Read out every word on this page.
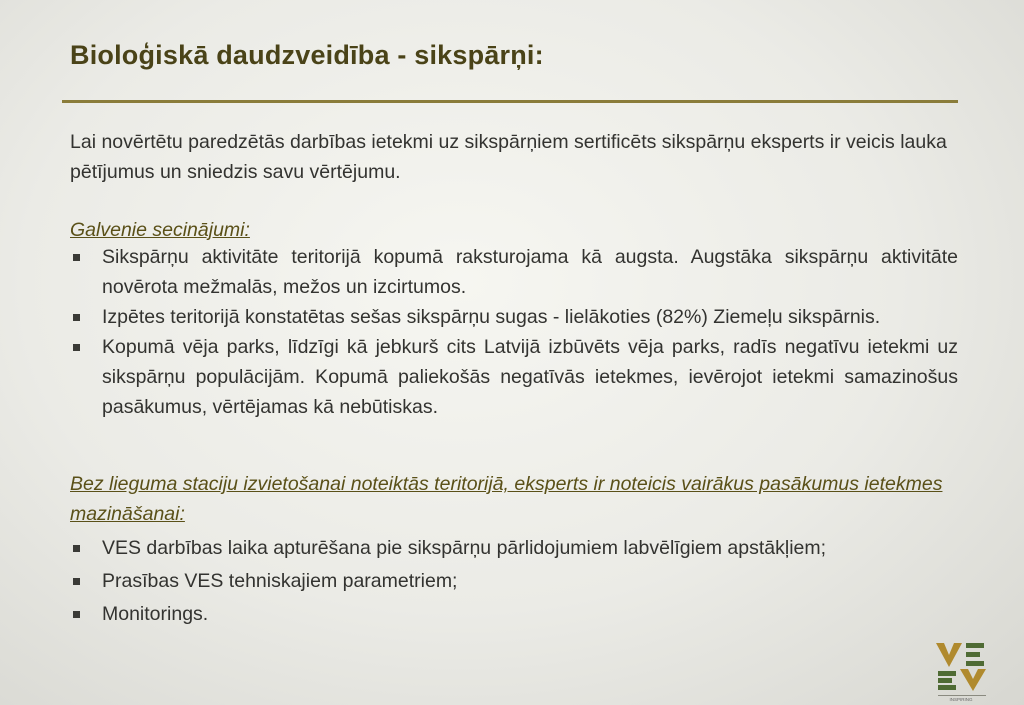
Bioloģiskā daudzveidība - sikspārņi:
Lai novērtētu paredzētās darbības ietekmi uz sikspārņiem sertificēts sikspārņu eksperts ir veicis lauka pētījumus un sniedzis savu vērtējumu.
Galvenie secinājumi:
Sikspārņu aktivitāte teritorijā kopumā raksturojama kā augsta. Augstāka sikspārņu aktivitāte novērota mežmalās, mežos un izcirtumos.
Izpētes teritorijā konstatētas sešas sikspārņu sugas - lielākoties (82%) Ziemeļu sikspārnis.
Kopumā vēja parks, līdzīgi kā jebkurš cits Latvijā izbūvēts vēja parks, radīs negatīvu ietekmi uz sikspārņu populācijām. Kopumā paliekošās negatīvās ietekmes, ievērojot ietekmi samazinošus pasākumus, vērtējamas kā nebūtiskas.
Bez lieguma staciju izvietošanai noteiktās teritorijā, eksperts ir noteicis vairākus pasākumus ietekmes mazināšanai:
VES darbības laika apturēšana pie sikspārņu pārlidojumiem labvēlīgiem apstākļiem;
Prasības VES tehniskajiem parametriem;
Monitorings.
INSPIRING
